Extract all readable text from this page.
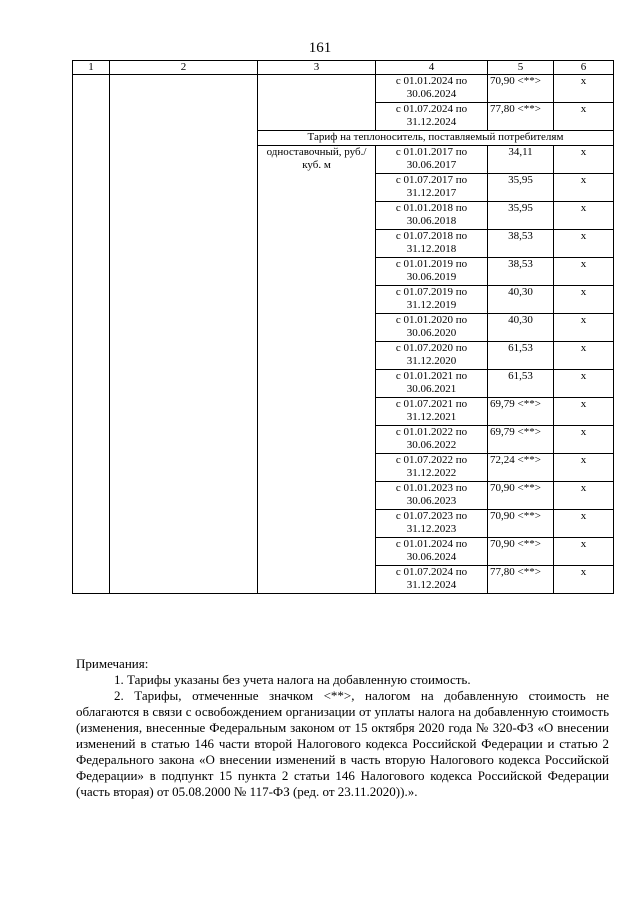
161
1	2	3	4	5	6
			с 01.01.2024 по 30.06.2024	70,90 <**>	х
			с 01.07.2024 по 31.12.2024	77,80 <**>	х
		Тариф на теплоноситель, поставляемый потребителям			
		одноставочный, руб./куб. м	с 01.01.2017 по 30.06.2017	34,11	х
			с 01.07.2017 по 31.12.2017	35,95	х
			с 01.01.2018 по 30.06.2018	35,95	х
			с 01.07.2018 по 31.12.2018	38,53	х
			с 01.01.2019 по 30.06.2019	38,53	х
			с 01.07.2019 по 31.12.2019	40,30	х
			с 01.01.2020 по 30.06.2020	40,30	х
			с 01.07.2020 по 31.12.2020	61,53	х
			с 01.01.2021 по 30.06.2021	61,53	х
			с 01.07.2021 по 31.12.2021	69,79 <**>	х
			с 01.01.2022 по 30.06.2022	69,79 <**>	х
			с 01.07.2022 по 31.12.2022	72,24 <**>	х
			с 01.01.2023 по 30.06.2023	70,90 <**>	х
			с 01.07.2023 по 31.12.2023	70,90 <**>	х
			с 01.01.2024 по 30.06.2024	70,90 <**>	х
			с 01.07.2024 по 31.12.2024	77,80 <**>	х

Примечания:

1. Тарифы указаны без учета налога на добавленную стоимость.

2. Тарифы, отмеченные значком <**>, налогом на добавленную стоимость не облагаются в связи с освобождением организации от уплаты налога на добавленную стоимость (изменения, внесенные Федеральным законом от 15 октября 2020 года № 320-ФЗ «О внесении изменений в статью 146 части второй Налогового кодекса Российской Федерации и статью 2 Федерального закона «О внесении изменений в часть вторую Налогового кодекса Российской Федерации» в подпункт 15 пункта 2 статьи 146 Налогового кодекса Российской Федерации (часть вторая) от 05.08.2000 № 117-ФЗ (ред. от 23.11.2020)).».
